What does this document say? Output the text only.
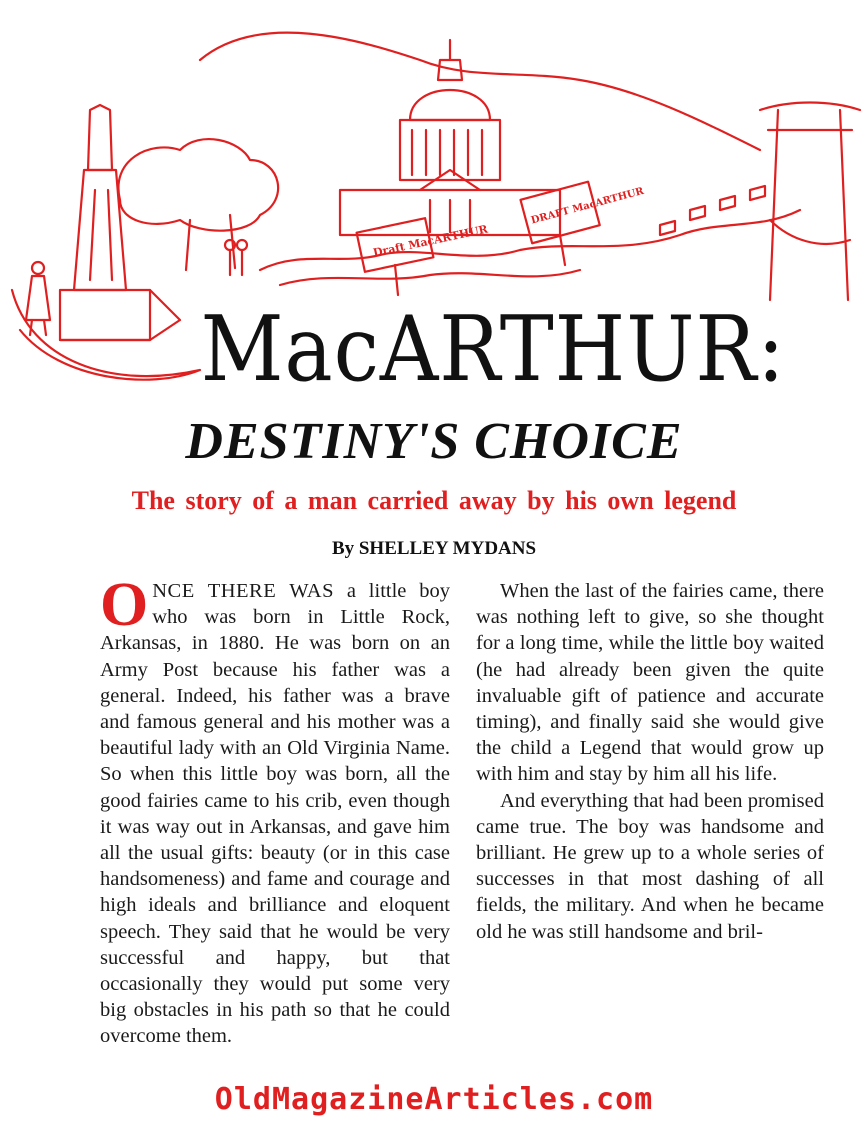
Draft MacARTHUR
DRAFT MacARTHUR
MacARTHUR:
DESTINY'S CHOICE
The story of a man carried away by his own legend
By SHELLEY MYDANS

ONCE THERE WAS a little boy who was born in Little Rock, Arkansas, in 1880. He was born on an Army Post because his father was a general. Indeed, his father was a brave and famous general and his mother was a beautiful lady with an Old Virginia Name. So when this little boy was born, all the good fairies came to his crib, even though it was way out in Arkansas, and gave him all the usual gifts: beauty (or in this case handsomeness) and fame and courage and high ideals and brilliance and eloquent speech. They said that he would be very successful and happy, but that occasionally they would put some very big obstacles in his path so that he could overcome them.

When the last of the fairies came, there was nothing left to give, so she thought for a long time, while the little boy waited (he had already been given the quite invaluable gift of patience and accurate timing), and finally said she would give the child a Legend that would grow up with him and stay by him all his life.

And everything that had been promised came true. The boy was handsome and brilliant. He grew up to a whole series of successes in that most dashing of all fields, the military. And when he became old he was still handsome and bril-

OldMagazineArticles.com
